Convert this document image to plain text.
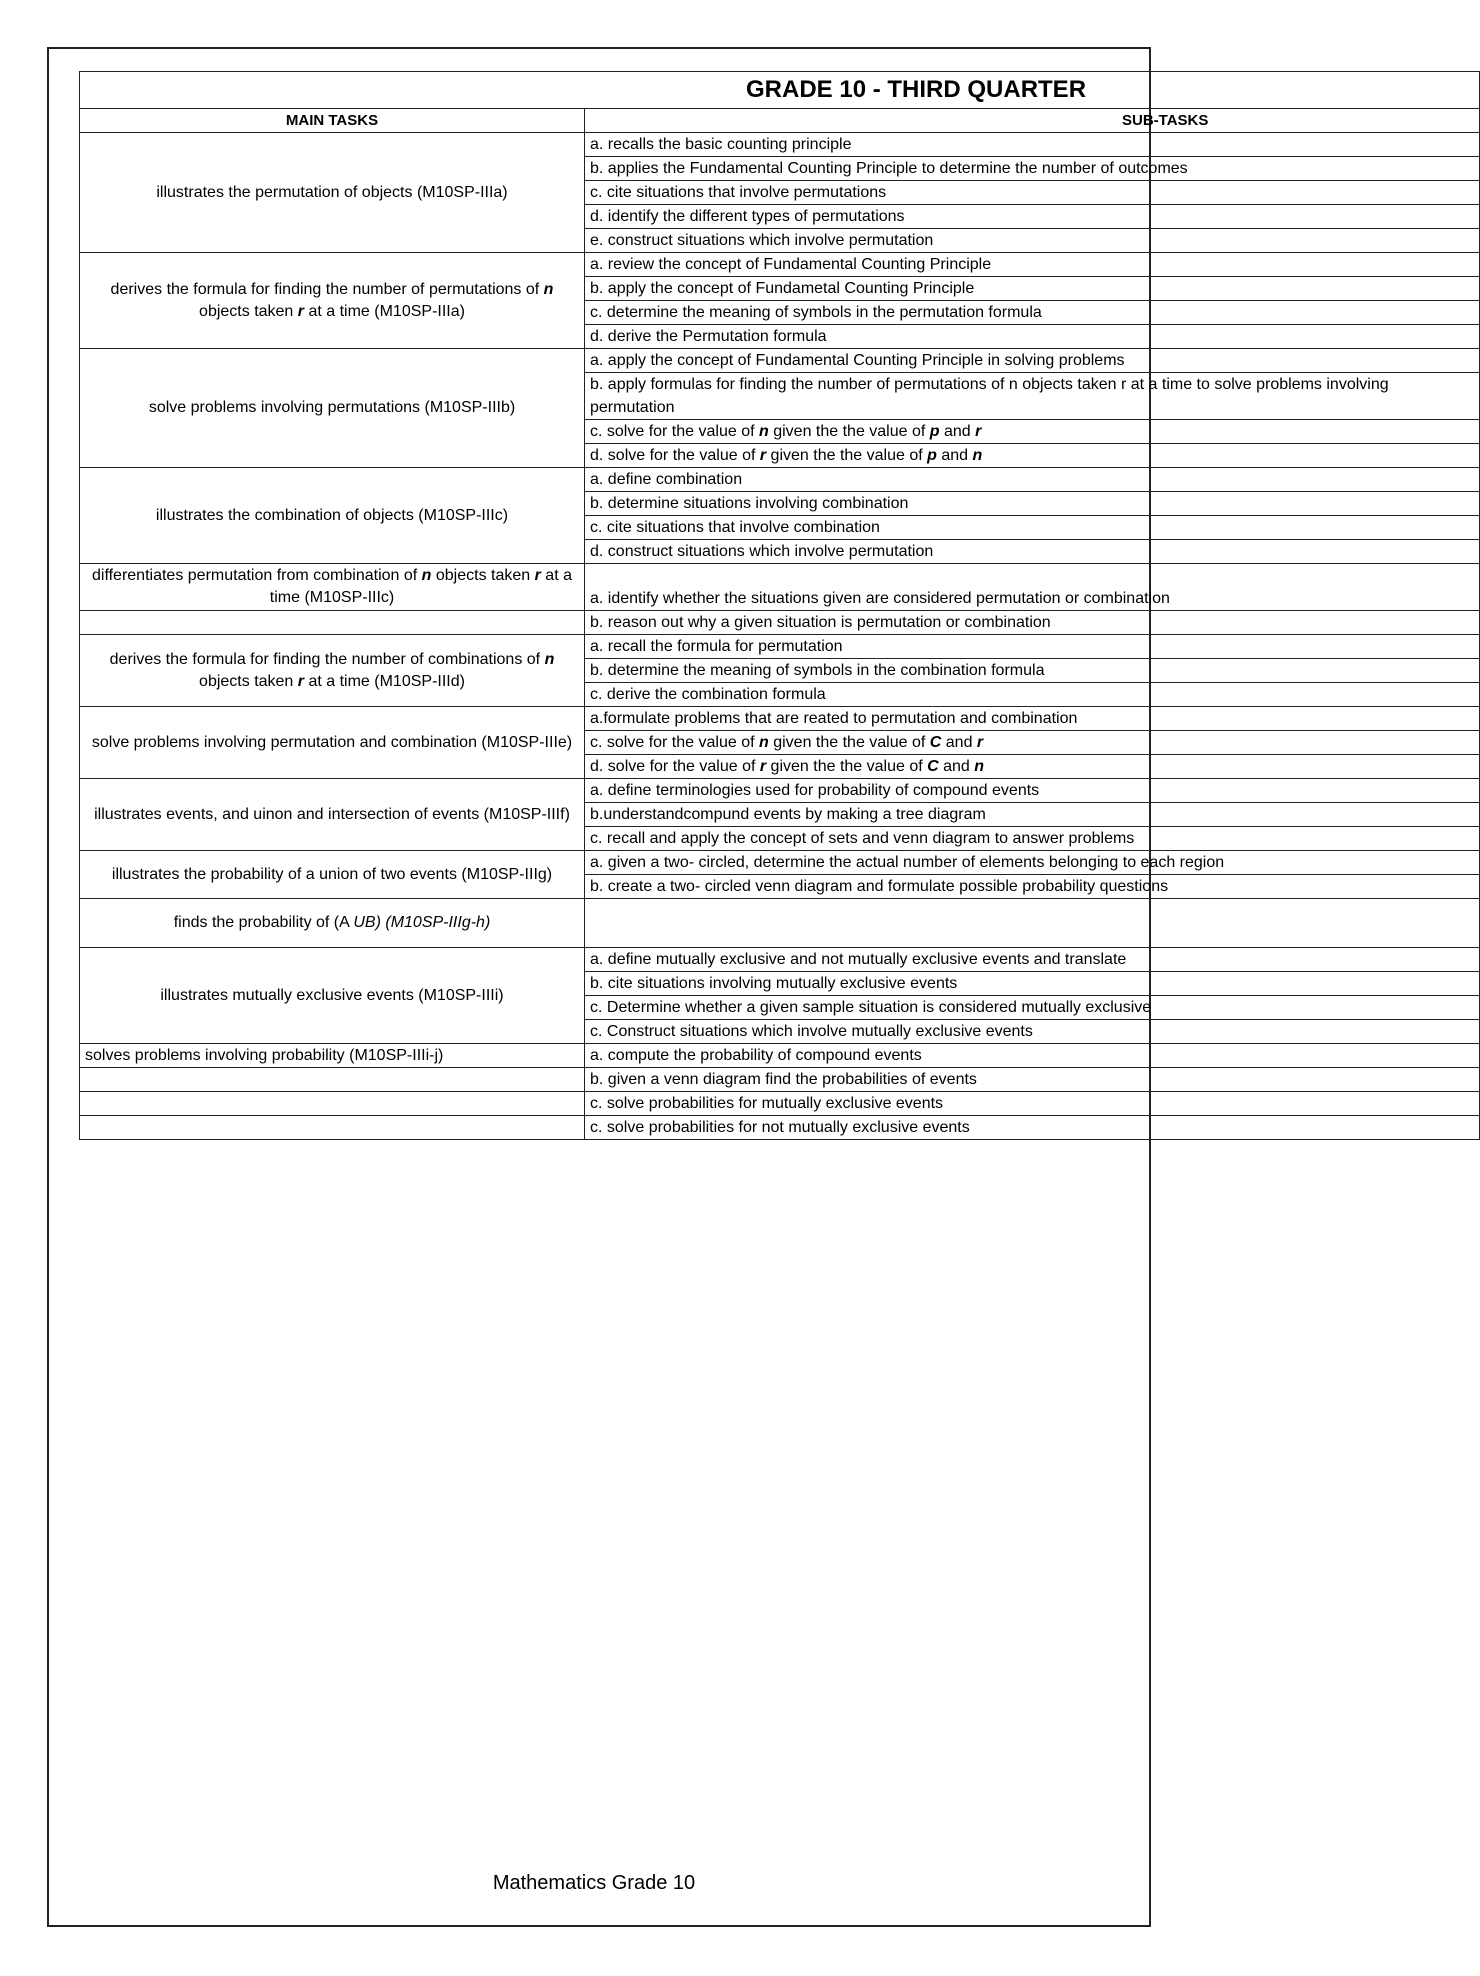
GRADE 10 - THIRD QUARTER	
MAIN TASKS	SUB-TASKS
illustrates the permutation of objects (M10SP-IIIa)	a. recalls the basic counting principle
	b. applies the Fundamental Counting Principle to determine the number of outcomes
	c. cite situations that involve permutations
	d. identify the different types of permutations
	e. construct situations which involve permutation
derives the formula for finding the number of permutations of n objects taken r at a time (M10SP-IIIa)	a. review the concept of Fundamental Counting Principle
	b. apply the concept of Fundametal Counting Principle
	c. determine the meaning of symbols in the permutation formula
	d. derive the Permutation formula
solve problems involving permutations (M10SP-IIIb)	a. apply the concept of Fundamental Counting Principle in solving problems
	b. apply formulas for finding the number of permutations of n objects taken r at a time to solve problems involving permutation
	c. solve for the value of n given the the value of p and r
	d. solve for the value of r given the the value of p and n
illustrates the combination of objects (M10SP-IIIc)	a. define combination
	b. determine situations involving combination
	c. cite situations that involve combination
	d. construct situations which involve permutation
differentiates permutation from combination of n objects taken r at a time (M10SP-IIIc)	a. identify whether the situations given are considered permutation or combination
	b. reason out why a given situation is permutation or combination
derives the formula for finding the number of combinations of n objects taken r at a time (M10SP-IIId)	a. recall the formula for permutation
	b. determine the meaning of symbols in the combination formula
	c. derive the combination formula
solve problems involving permutation and combination (M10SP-IIIe)	a.formulate problems that are reated to permutation and combination
	c. solve for the value of n given the the value of C and r
	d. solve for the value of r given the the value of C and n
illustrates events, and uinon and intersection of events (M10SP-IIIf)	a. define terminologies used for probability of compound events
	b.understandcompund events by making a tree diagram
	c. recall and apply the concept of sets and venn diagram to answer problems
illustrates the probability of a union of two events (M10SP-IIIg)	a. given a two- circled, determine the actual number of elements belonging to each region
	b. create a two- circled venn diagram and formulate possible probability questions
finds the probability of (A UB) (M10SP-IIIg-h)	
illustrates mutually exclusive events (M10SP-IIIi)	a. define mutually exclusive and not mutually exclusive events and translate
	b. cite situations involving mutually exclusive events
	c. Determine whether a given sample situation is considered mutually exclusive
	c. Construct situations which involve mutually exclusive events
solves problems involving probability (M10SP-IIIi-j)	a. compute the probability of compound events
	b. given a venn diagram find the probabilities of events
	c. solve probabilities for mutually exclusive events
	c. solve probabilities for not mutually exclusive events
Mathematics Grade 10
